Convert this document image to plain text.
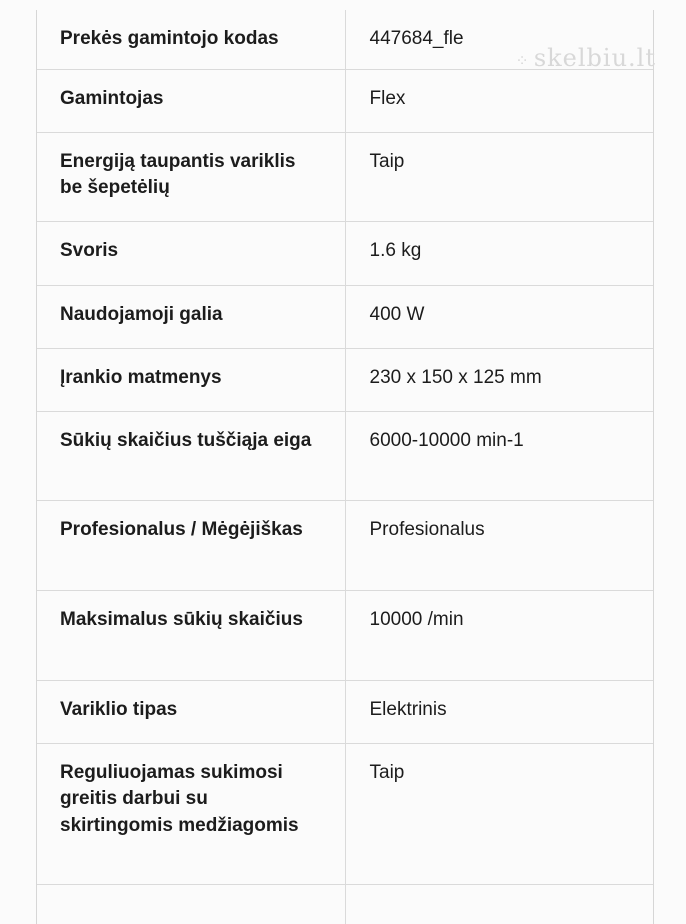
Prekės gamintojo kodas	447684_fle
Gamintojas	Flex
Energiją taupantis variklis be šepetėlių	Taip
Svoris	1.6 kg
Naudojamoji galia	400 W
Įrankio matmenys	230 x 150 x 125 mm
Sūkių skaičius tuščiąja eiga	6000-10000 min-1
Profesionalus / Mėgėjiškas	Profesionalus
Maksimalus sūkių skaičius	10000 /min
Variklio tipas	Elektrinis
Reguliuojamas sukimosi greitis darbui su skirtingomis medžiagomis	Taip

⁘ skelbiu.lt
